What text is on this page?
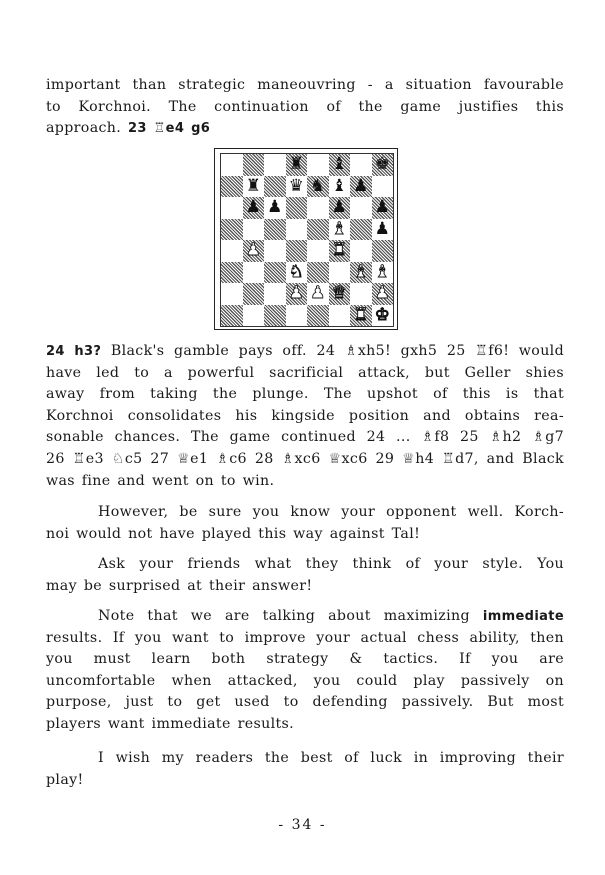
important than strategic maneouvring - a situation favourable
to Korchnoi. The continuation of the game justifies this
approach. 23 ♖e4 g6
♜ ♝ ♚
♜ ♛ ♞ ♝ ♟
♟ ♟	♟ ♟
♝ ♟
♟	♜
♞	♝ ♝
♟ ♟ ♛ ♟
♜ ♚
24 h3? Black's gamble pays off. 24 ♗xh5! gxh5 25 ♖f6! would
have led to a powerful sacrificial attack, but Geller shies
away from taking the plunge. The upshot of this is that
Korchnoi consolidates his kingside position and obtains rea-
sonable chances. The game continued 24 ... ♗f8 25 ♗h2 ♗g7
26 ♖e3 ♘c5 27 ♕e1 ♗c6 28 ♗xc6 ♕xc6 29 ♕h4 ♖d7, and Black
was fine and went on to win.
However, be sure you know your opponent well. Korch-
noi would not have played this way against Tal!
Ask your friends what they think of your style. You
may be surprised at their answer!
Note that we are talking about maximizing immediate
results. If you want to improve your actual chess ability, then
you must learn both strategy & tactics. If you are
uncomfortable when attacked, you could play passively on
purpose, just to get used to defending passively. But most
players want immediate results.
I wish my readers the best of luck in improving their
play!
- 34 -
